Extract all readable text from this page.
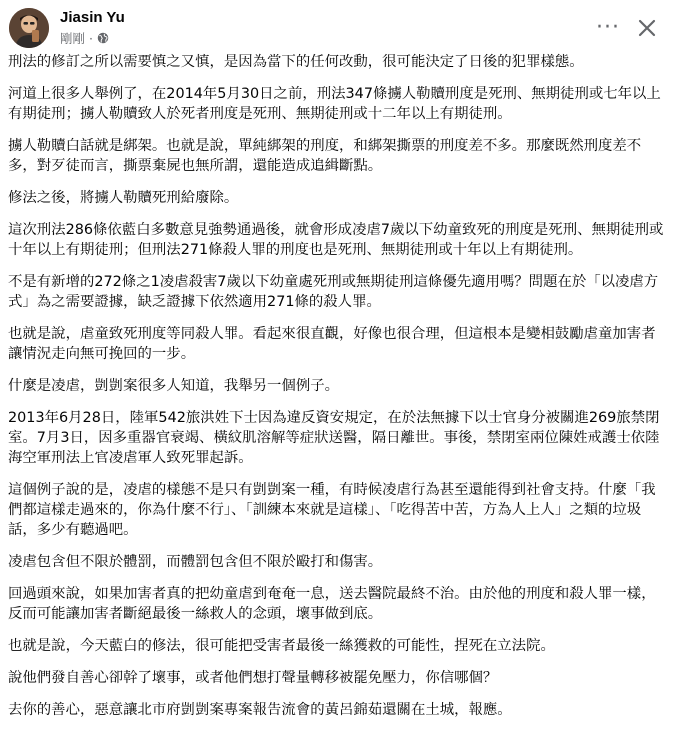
Jiasin Yu
剛剛 ·	···

刑法的修訂之所以需要慎之又慎，是因為當下的任何改動，很可能決定了日後的犯罪樣態。

河道上很多人舉例了，在2014年5月30日之前，刑法347條擄人勒贖刑度是死刑、無期徒刑或七年以上有期徒刑；擄人勒贖致人於死者刑度是死刑、無期徒刑或十二年以上有期徒刑。

擄人勒贖白話就是綁架。也就是說，單純綁架的刑度，和綁架撕票的刑度差不多。那麼既然刑度差不多，對歹徒而言，撕票棄屍也無所謂，還能造成追緝斷點。

修法之後，將擄人勒贖死刑給廢除。

這次刑法286條依藍白多數意見強勢通過後，就會形成凌虐7歲以下幼童致死的刑度是死刑、無期徒刑或十年以上有期徒刑；但刑法271條殺人罪的刑度也是死刑、無期徒刑或十年以上有期徒刑。

不是有新增的272條之1凌虐殺害7歲以下幼童處死刑或無期徒刑這條優先適用嗎？問題在於「以凌虐方式」為之需要證據，缺乏證據下依然適用271條的殺人罪。

也就是說，虐童致死刑度等同殺人罪。看起來很直觀，好像也很合理，但這根本是變相鼓勵虐童加害者讓情況走向無可挽回的一步。

什麼是凌虐，剴剴案很多人知道，我舉另一個例子。

2013年6月28日，陸軍542旅洪姓下士因為違反資安規定，在於法無據下以士官身分被關進269旅禁閉室。7月3日，因多重器官衰竭、橫紋肌溶解等症狀送醫，隔日離世。事後，禁閉室兩位陳姓戒護士依陸海空軍刑法上官凌虐軍人致死罪起訴。

這個例子說的是，凌虐的樣態不是只有剴剴案一種，有時候凌虐行為甚至還能得到社會支持。什麼「我們都這樣走過來的，你為什麼不行」、「訓練本來就是這樣」、「吃得苦中苦，方為人上人」之類的垃圾話，多少有聽過吧。

凌虐包含但不限於體罰，而體罰包含但不限於毆打和傷害。

回過頭來說，如果加害者真的把幼童虐到奄奄一息，送去醫院最終不治。由於他的刑度和殺人罪一樣，反而可能讓加害者斷絕最後一絲救人的念頭，壞事做到底。

也就是說，今天藍白的修法，很可能把受害者最後一絲獲救的可能性，捏死在立法院。

說他們發自善心卻幹了壞事，或者他們想打聲量轉移被罷免壓力，你信哪個？

去你的善心，惡意讓北市府剴剴案專案報告流會的黃呂錦茹還關在土城，報應。
